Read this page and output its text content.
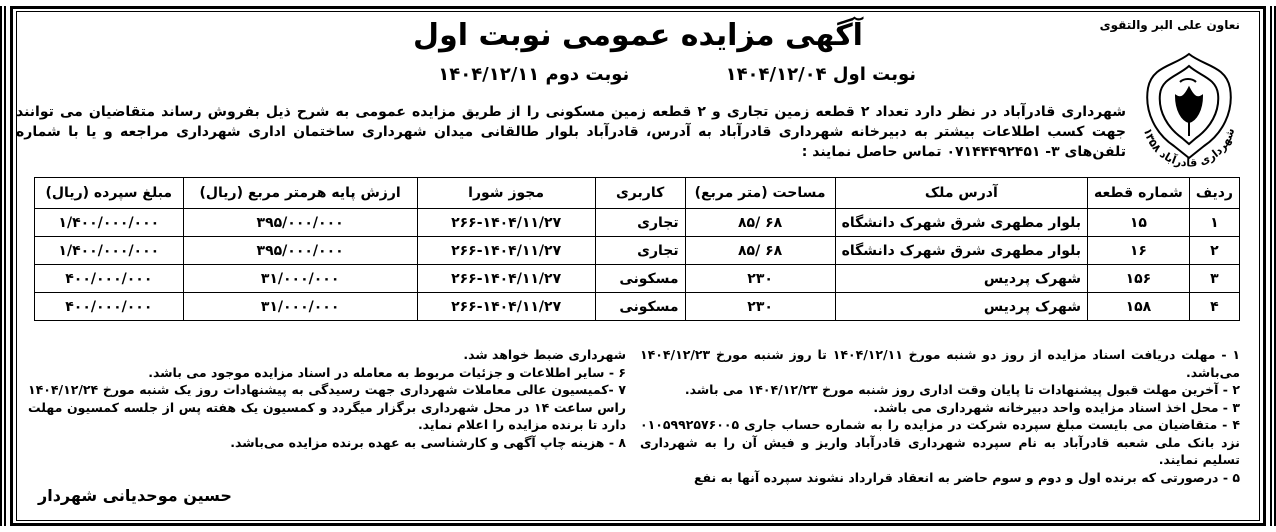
نعاون علی البر والتقوی
شهرداری قادرآباد ۱۳۵۸
آگهی مزایده عمومی نوبت اول
نوبت اول ۱۴۰۴/۱۲/۰۴ نوبت دوم ۱۴۰۴/۱۲/۱۱
شهرداری قادرآباد در نظر دارد تعداد ۲ قطعه زمین تجاری و ۲ قطعه زمین مسکونی را از طریق مزایده عمومی به شرح ذیل بفروش رساند متقاضیان می توانند جهت کسب اطلاعات بیشتر به دبیرخانه شهرداری قادرآباد به آدرس، قادرآباد بلوار طالقانی میدان شهرداری ساختمان اداری شهرداری مراجعه و یا با شماره تلفن‌های ۳- ۰۷۱۴۴۴۹۲۴۵۱ تماس حاصل نمایند :
ردیف	شماره قطعه	آدرس ملک	مساحت (متر مربع)	کاربری	مجوز شورا	ارزش پایه هرمتر مربع (ریال)	مبلغ سپرده (ریال)
۱	۱۵	بلوار مطهری شرق شهرک دانشگاه	۶۸ /۸۵	تجاری	۲۶۶-۱۴۰۴/۱۱/۲۷	۳۹۵/۰۰۰/۰۰۰	۱/۴۰۰/۰۰۰/۰۰۰
۲	۱۶	بلوار مطهری شرق شهرک دانشگاه	۶۸ /۸۵	تجاری	۲۶۶-۱۴۰۴/۱۱/۲۷	۳۹۵/۰۰۰/۰۰۰	۱/۴۰۰/۰۰۰/۰۰۰
۳	۱۵۶	شهرک پردیس	۲۳۰	مسکونی	۲۶۶-۱۴۰۴/۱۱/۲۷	۳۱/۰۰۰/۰۰۰	۴۰۰/۰۰۰/۰۰۰
۴	۱۵۸	شهرک پردیس	۲۳۰	مسکونی	۲۶۶-۱۴۰۴/۱۱/۲۷	۳۱/۰۰۰/۰۰۰	۴۰۰/۰۰۰/۰۰۰

۱ - مهلت دریافت اسناد مزایده از روز دو شنبه مورخ ۱۴۰۴/۱۲/۱۱ تا روز شنبه مورخ ۱۴۰۴/۱۲/۲۳ می‌باشد.

۲ - آخرین مهلت قبول پیشنهادات تا پایان وقت اداری روز شنبه مورخ ۱۴۰۴/۱۲/۲۳ می باشد.

۳ - محل اخذ اسناد مزایده واحد دبیرخانه شهرداری می باشد.

۴ - متقاضیان می بایست مبلغ سپرده شرکت در مزایده را به شماره حساب جاری ۰۱۰۵۹۹۲۵۷۶۰۰۵ نزد بانک ملی شعبه قادرآباد به نام سپرده شهرداری قادرآباد واریز و فیش آن را به شهرداری تسلیم نمایند.

۵ - درصورتی که برنده اول و دوم و سوم حاضر به انعقاد قرارداد نشوند سپرده آنها به نفع

شهرداری ضبط خواهد شد.

۶ - سایر اطلاعات و جزئیات مربوط به معامله در اسناد مزایده موجود می باشد.

۷ -کمیسیون عالی معاملات شهرداری جهت رسیدگی به پیشنهادات روز یک شنبه مورخ ۱۴۰۴/۱۲/۲۴ راس ساعت ۱۴ در محل شهرداری برگزار میگردد و کمسیون یک هفته پس از جلسه کمسیون مهلت دارد تا برنده مزایده را اعلام نماید.

۸ - هزینه چاپ آگهی و کارشناسی به عهده برنده مزایده می‌باشد.

حسین موحدیانی شهردار
